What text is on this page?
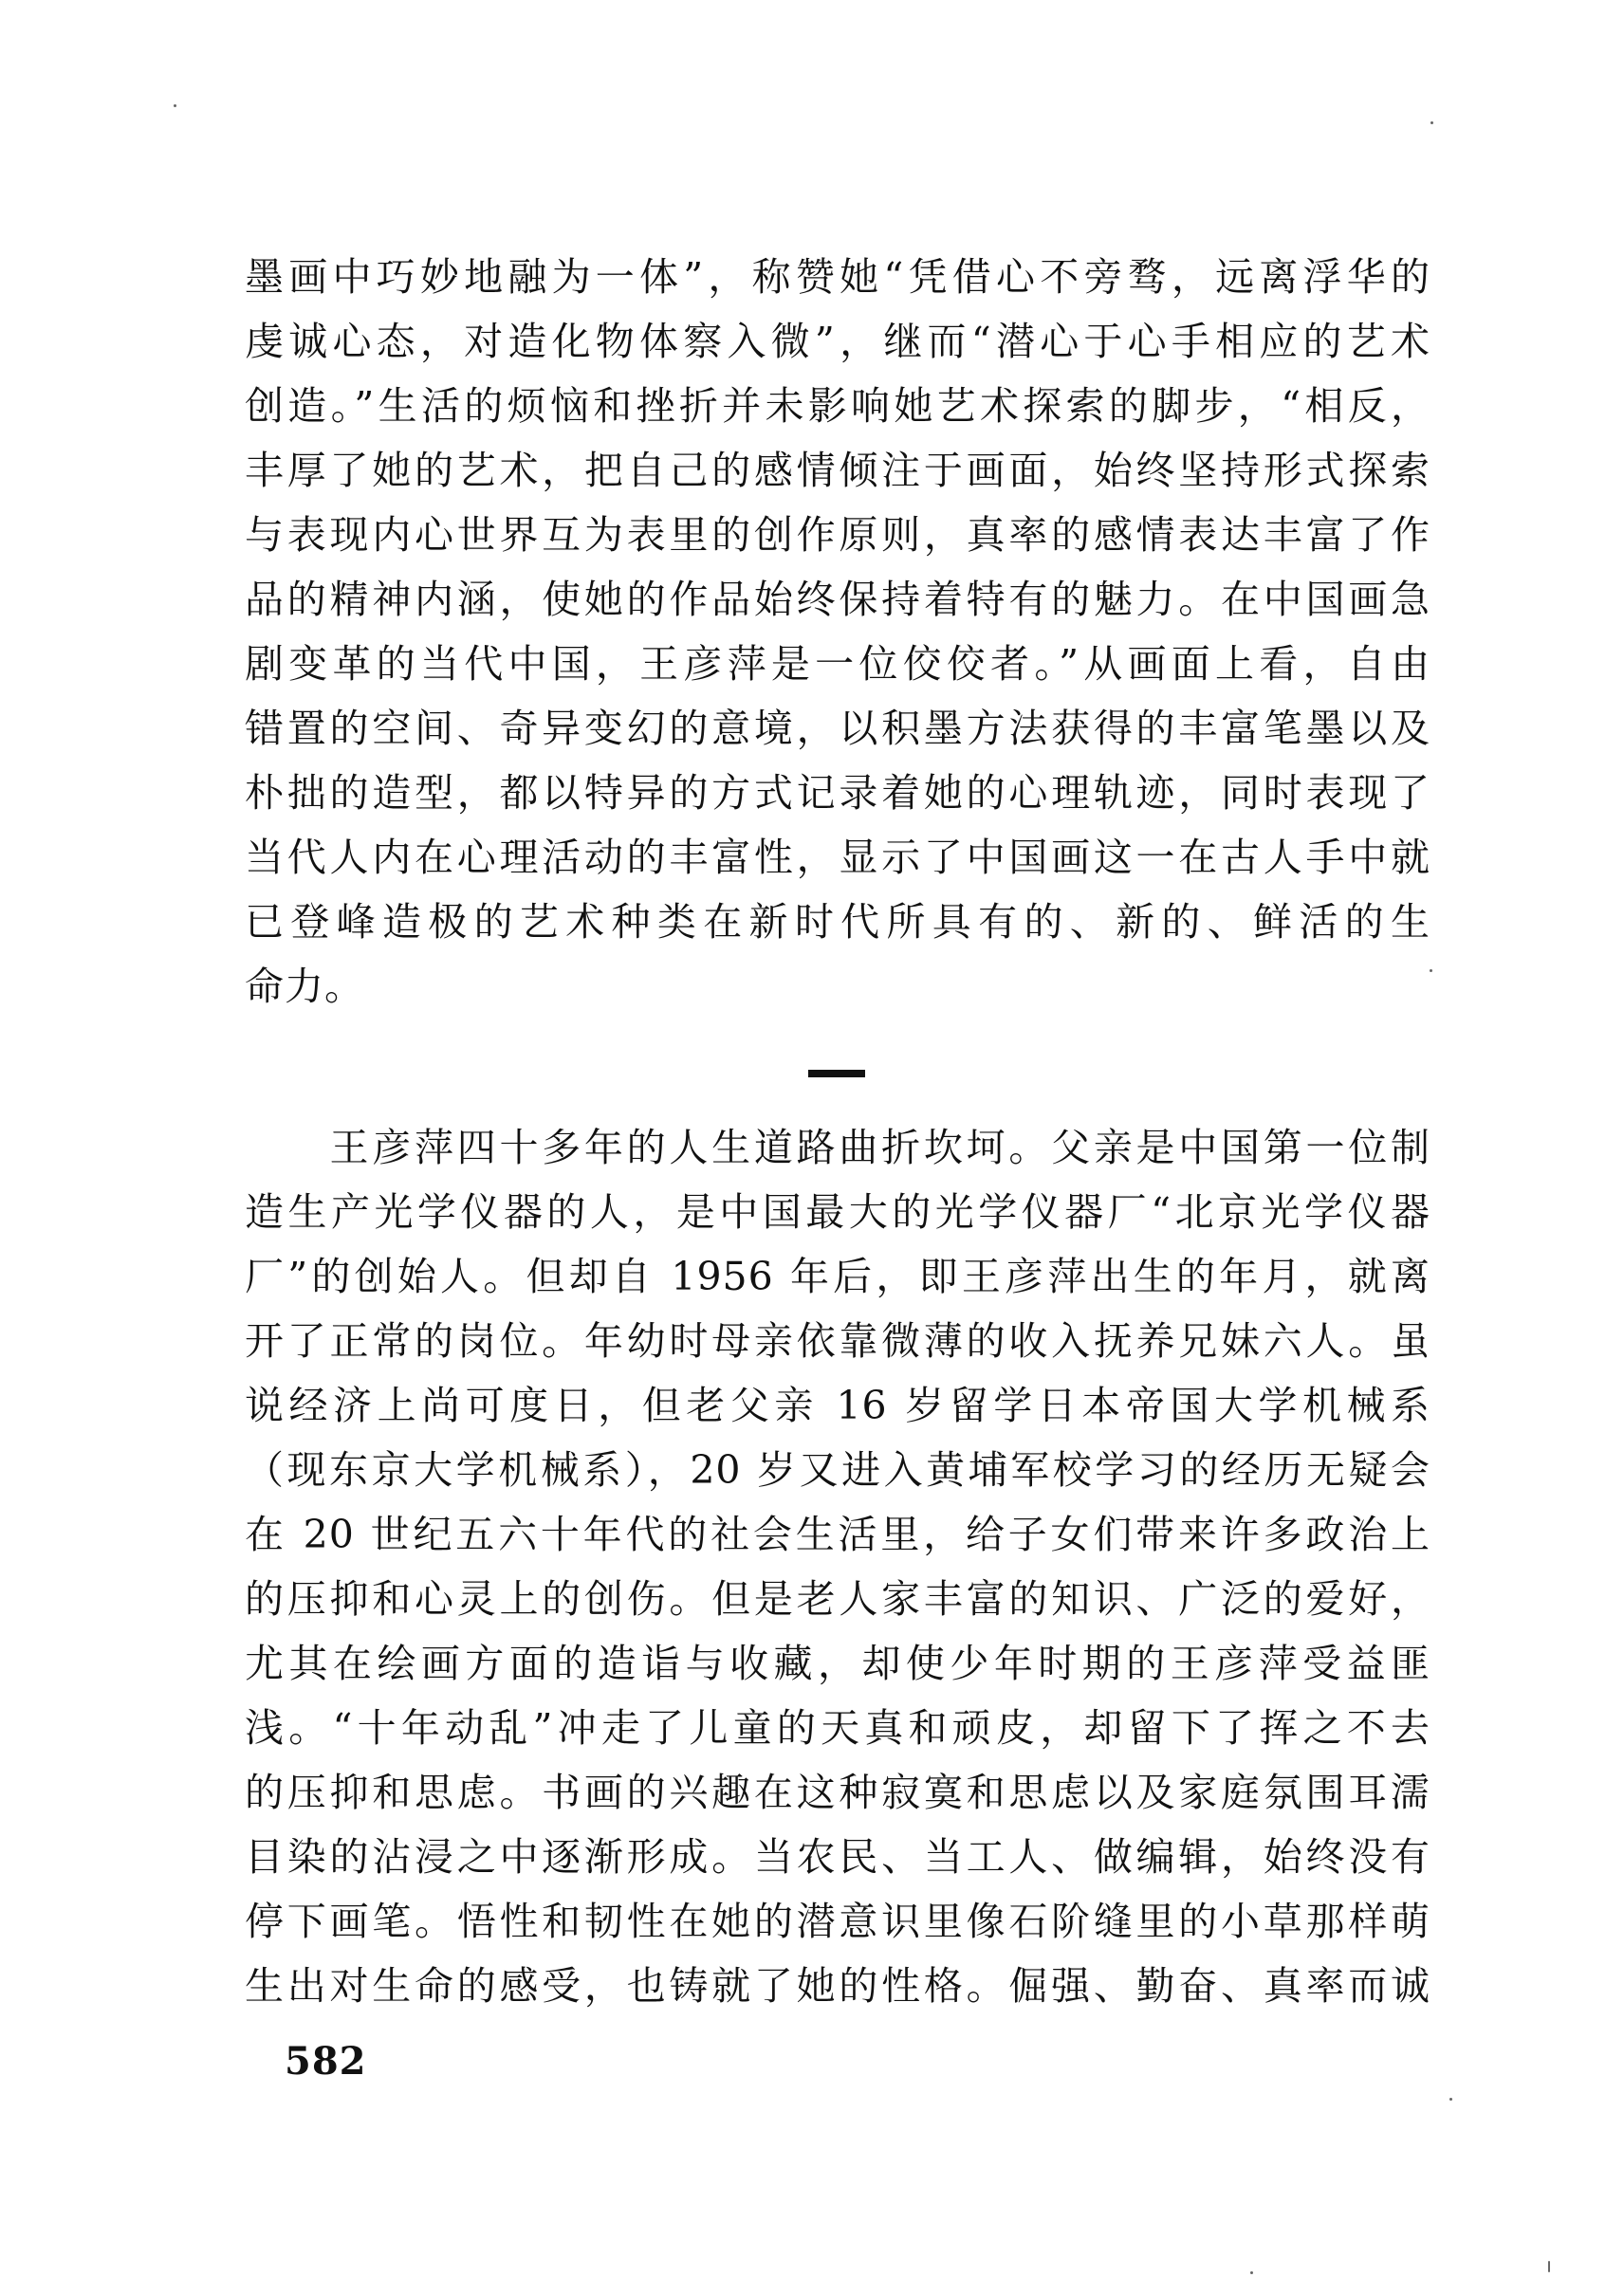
墨画中巧妙地融为一体”，称赞她“凭借心不旁骛，远离浮华的
虔诚心态，对造化物体察入微”，继而“潜心于心手相应的艺术
创造。”生活的烦恼和挫折并未影响她艺术探索的脚步，“相反，
丰厚了她的艺术，把自己的感情倾注于画面，始终坚持形式探索
与表现内心世界互为表里的创作原则，真率的感情表达丰富了作
品的精神内涵，使她的作品始终保持着特有的魅力。在中国画急
剧变革的当代中国，王彦萍是一位佼佼者。”从画面上看，自由
错置的空间、奇异变幻的意境，以积墨方法获得的丰富笔墨以及
朴拙的造型，都以特异的方式记录着她的心理轨迹，同时表现了
当代人内在心理活动的丰富性，显示了中国画这一在古人手中就
已登峰造极的艺术种类在新时代所具有的、新的、鲜活的生
命力。
　　王彦萍四十多年的人生道路曲折坎坷。父亲是中国第一位制
造生产光学仪器的人，是中国最大的光学仪器厂“北京光学仪器
厂”的创始人。但却自 1956 年后，即王彦萍出生的年月，就离
开了正常的岗位。年幼时母亲依靠微薄的收入抚养兄妹六人。虽
说经济上尚可度日，但老父亲 16 岁留学日本帝国大学机械系
（现东京大学机械系），20 岁又进入黄埔军校学习的经历无疑会
在 20 世纪五六十年代的社会生活里，给子女们带来许多政治上
的压抑和心灵上的创伤。但是老人家丰富的知识、广泛的爱好，
尤其在绘画方面的造诣与收藏，却使少年时期的王彦萍受益匪
浅。“十年动乱”冲走了儿童的天真和顽皮，却留下了挥之不去
的压抑和思虑。书画的兴趣在这种寂寞和思虑以及家庭氛围耳濡
目染的沾浸之中逐渐形成。当农民、当工人、做编辑，始终没有
停下画笔。悟性和韧性在她的潜意识里像石阶缝里的小草那样萌
生出对生命的感受，也铸就了她的性格。倔强、勤奋、真率而诚
582
